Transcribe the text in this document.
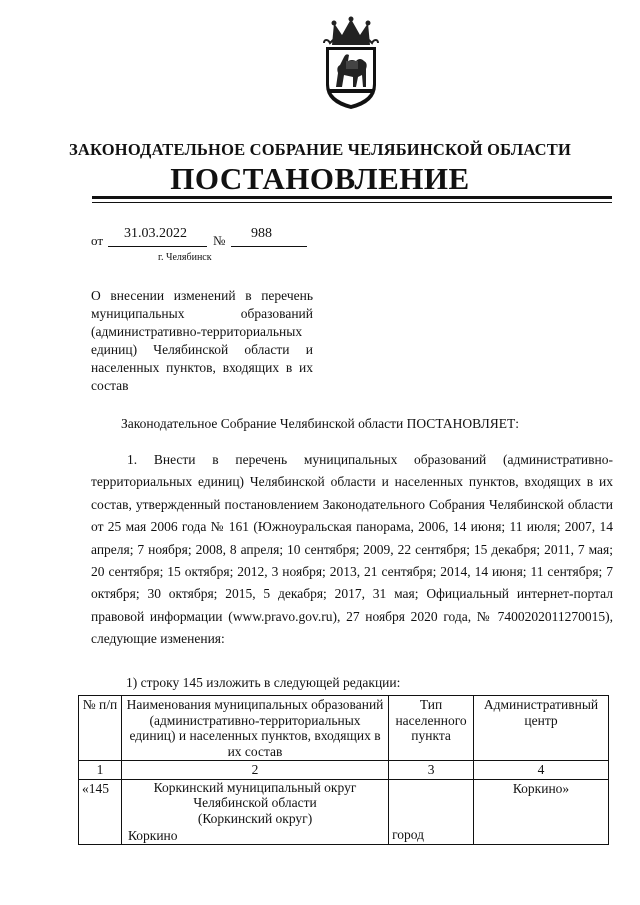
ЗАКОНОДАТЕЛЬНОЕ СОБРАНИЕ ЧЕЛЯБИНСКОЙ ОБЛАСТИ
ПОСТАНОВЛЕНИЕ
от 31.03.2022 № 988
г. Челябинск
О внесении изменений в перечень муниципальных образований (административно-территориальных единиц) Челябинской области и населенных пунктов, входящих в их состав
Законодательное Собрание Челябинской области ПОСТАНОВЛЯЕТ:

1. Внести в перечень муниципальных образований (административно-территориальных единиц) Челябинской области и населенных пунктов, входящих в их состав, утвержденный постановлением Законодательного Собрания Челябинской области от 25 мая 2006 года № 161 (Южноуральская панорама, 2006, 14 июня; 11 июля; 2007, 14 апреля; 7 ноября; 2008, 8 апреля; 10 сентября; 2009, 22 сентября; 15 декабря; 2011, 7 мая; 20 сентября; 15 октября; 2012, 3 ноября; 2013, 21 сентября; 2014, 14 июня; 11 сентября; 7 октября; 30 октября; 2015, 5 декабря; 2017, 31 мая; Официальный интернет-портал правовой информации (www.pravo.gov.ru), 27 ноября 2020 года, № 7400202011270015), следующие изменения:

1) строку 145 изложить в следующей редакции:
№ п/п	Наименования муниципальных образований (административно-территориальных единиц) и населенных пунктов, входящих в их состав	Тип населенного пункта	Административный центр
1	2	3	4
«145	Коркинский муниципальный округ
Челябинской области
(Коркинский округ)
Коркино	город	Коркино»
